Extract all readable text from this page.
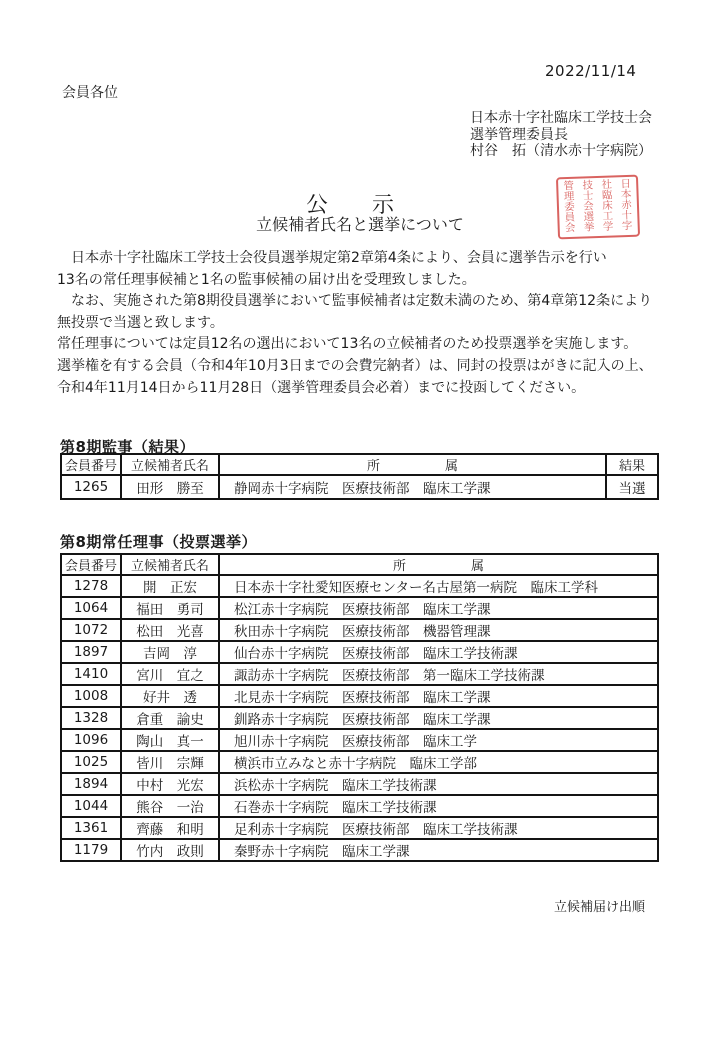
2022/11/14
会員各位
日本赤十字社臨床工学技士会
選挙管理委員長
村谷　拓（清水赤十字病院）
公　　示
立候補者氏名と選挙について	日本赤十字
社臨床工学
技士会選挙
管理委員会
　日本赤十字社臨床工学技士会役員選挙規定第2章第4条により、会員に選挙告示を行い
13名の常任理事候補と1名の監事候補の届け出を受理致しました。
　なお、実施された第8期役員選挙において監事候補者は定数未満のため、第4章第12条により
無投票で当選と致します。
常任理事については定員12名の選出において13名の立候補者のため投票選挙を実施します。
選挙権を有する会員（令和4年10月3日までの会費完納者）は、同封の投票はがきに記入の上、
令和4年11月14日から11月28日（選挙管理委員会必着）までに投函してください。
第8期監事（結果）
会員番号	立候補者氏名	所　　　　　属	結果
1265	田形　勝至	静岡赤十字病院　医療技術部　臨床工学課	当選
第8期常任理事（投票選挙）
会員番号	立候補者氏名	所　　　　　属
1278	開　正宏	日本赤十字社愛知医療センター名古屋第一病院　臨床工学科
1064	福田　勇司	松江赤十字病院　医療技術部　臨床工学課
1072	松田　光喜	秋田赤十字病院　医療技術部　機器管理課
1897	吉岡　淳	仙台赤十字病院　医療技術部　臨床工学技術課
1410	宮川　宜之	諏訪赤十字病院　医療技術部　第一臨床工学技術課
1008	好井　透	北見赤十字病院　医療技術部　臨床工学課
1328	倉重　諭史	釧路赤十字病院　医療技術部　臨床工学課
1096	陶山　真一	旭川赤十字病院　医療技術部　臨床工学
1025	皆川　宗輝	横浜市立みなと赤十字病院　臨床工学部
1894	中村　光宏	浜松赤十字病院　臨床工学技術課
1044	熊谷　一治	石巻赤十字病院　臨床工学技術課
1361	齊藤　和明	足利赤十字病院　医療技術部　臨床工学技術課
1179	竹内　政則	秦野赤十字病院　臨床工学課
立候補届け出順
